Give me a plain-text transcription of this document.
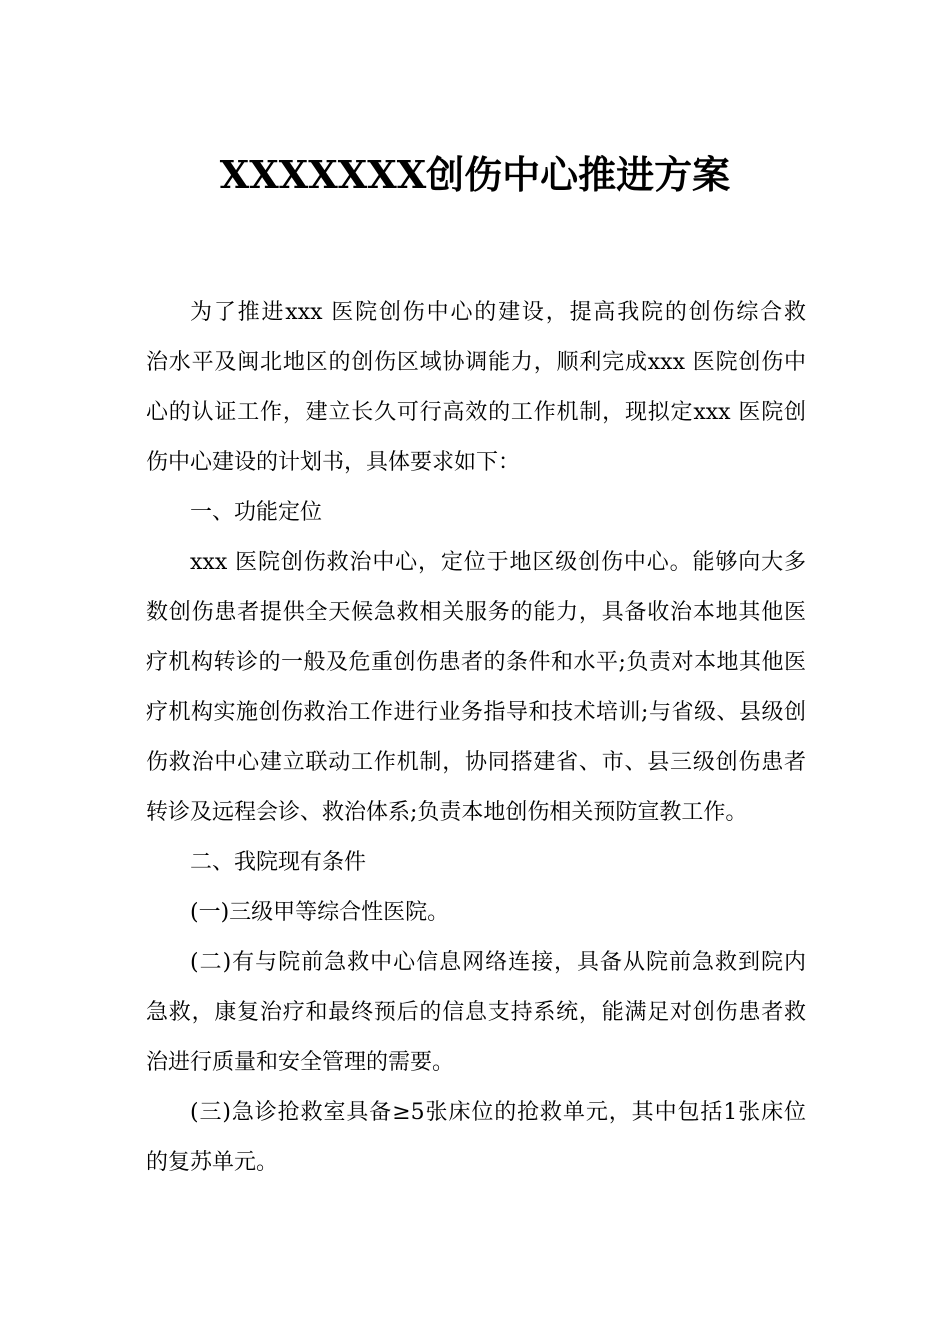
XXXXXXX创伤中心推进方案
为了推进xxx 医院创伤中心的建设，提高我院的创伤综合救
治水平及闽北地区的创伤区域协调能力，顺利完成xxx 医院创伤中
心的认证工作，建立长久可行高效的工作机制，现拟定xxx 医院创
伤中心建设的计划书，具体要求如下：
一、功能定位
xxx 医院创伤救治中心，定位于地区级创伤中心。能够向大多
数创伤患者提供全天候急救相关服务的能力，具备收治本地其他医
疗机构转诊的一般及危重创伤患者的条件和水平;负责对本地其他医
疗机构实施创伤救治工作进行业务指导和技术培训;与省级、县级创
伤救治中心建立联动工作机制，协同搭建省、市、县三级创伤患者
转诊及远程会诊、救治体系;负责本地创伤相关预防宣教工作。
二、我院现有条件
(一)三级甲等综合性医院。
(二)有与院前急救中心信息网络连接，具备从院前急救到院内
急救，康复治疗和最终预后的信息支持系统，能满足对创伤患者救
治进行质量和安全管理的需要。
(三)急诊抢救室具备≥5张床位的抢救单元，其中包括1张床位
的复苏单元。
